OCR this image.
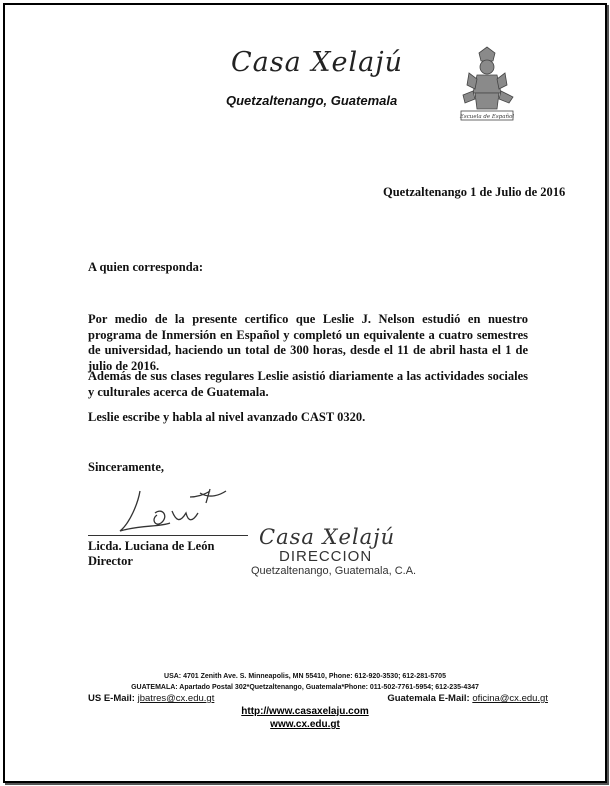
Casa Xelajú
Quetzaltenango, Guatemala
Escuela de Español
Quetzaltenango 1 de Julio de 2016
A quien corresponda:
Por medio de la presente certifico que Leslie J. Nelson estudió en nuestro programa de Inmersión en Español y completó un equivalente a cuatro semestres de universidad, haciendo un total de 300 horas, desde el 11 de abril hasta el 1 de julio de 2016.
Además de sus clases regulares Leslie asistió diariamente a las actividades sociales y culturales acerca de Guatemala.
Leslie escribe y habla al nivel avanzado CAST 0320.
Sinceramente,
Licda. Luciana de León
Director
Casa Xelajú
DIRECCION
Quetzaltenango, Guatemala, C.A.
USA: 4701 Zenith Ave. S. Minneapolis, MN 55410, Phone: 612-920-3530; 612-281-5705
GUATEMALA: Apartado Postal 302*Quetzaltenango, Guatemala*Phone: 011-502-7761-5954; 612-235-4347
US E-Mail: jbatres@cx.edu.gt	Guatemala E-Mail: oficina@cx.edu.gt
http://www.casaxelaju.com
www.cx.edu.gt
